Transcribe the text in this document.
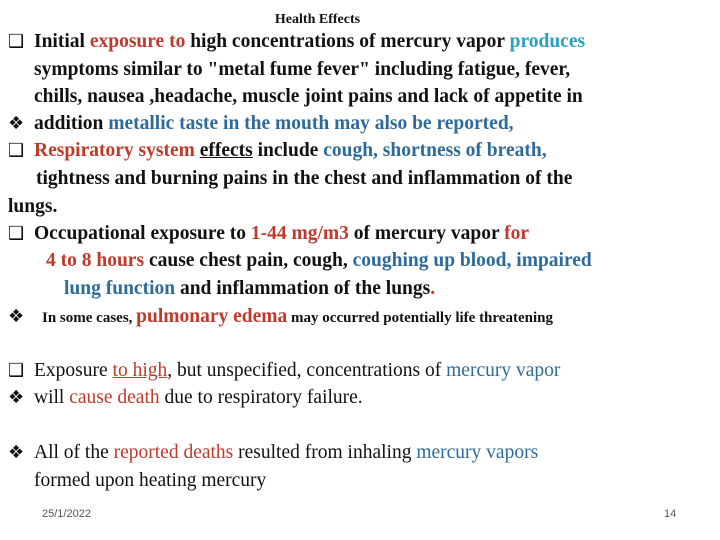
Health Effects
❑ Initial exposure to high concentrations of mercury vapor produces
symptoms similar to "metal fume fever" including fatigue, fever,
chills, nausea ,headache, muscle joint pains and lack of appetite in
❖ addition metallic taste in the mouth may also be reported,
❑ Respiratory system effects include cough, shortness of breath,
tightness and burning pains in the chest and inflammation of the
lungs.
❑ Occupational exposure to 1-44 mg/m3 of mercury vapor for
4 to 8 hours cause chest pain, cough, coughing up blood, impaired
lung function and inflammation of the lungs.
❖ In some cases, pulmonary edema may occurred potentially life threatening
❑ Exposure to high, but unspecified, concentrations of mercury vapor
❖ will cause death due to respiratory failure.
❖ All of the reported deaths resulted from inhaling mercury vapors
formed upon heating mercury
25/1/2022	14
